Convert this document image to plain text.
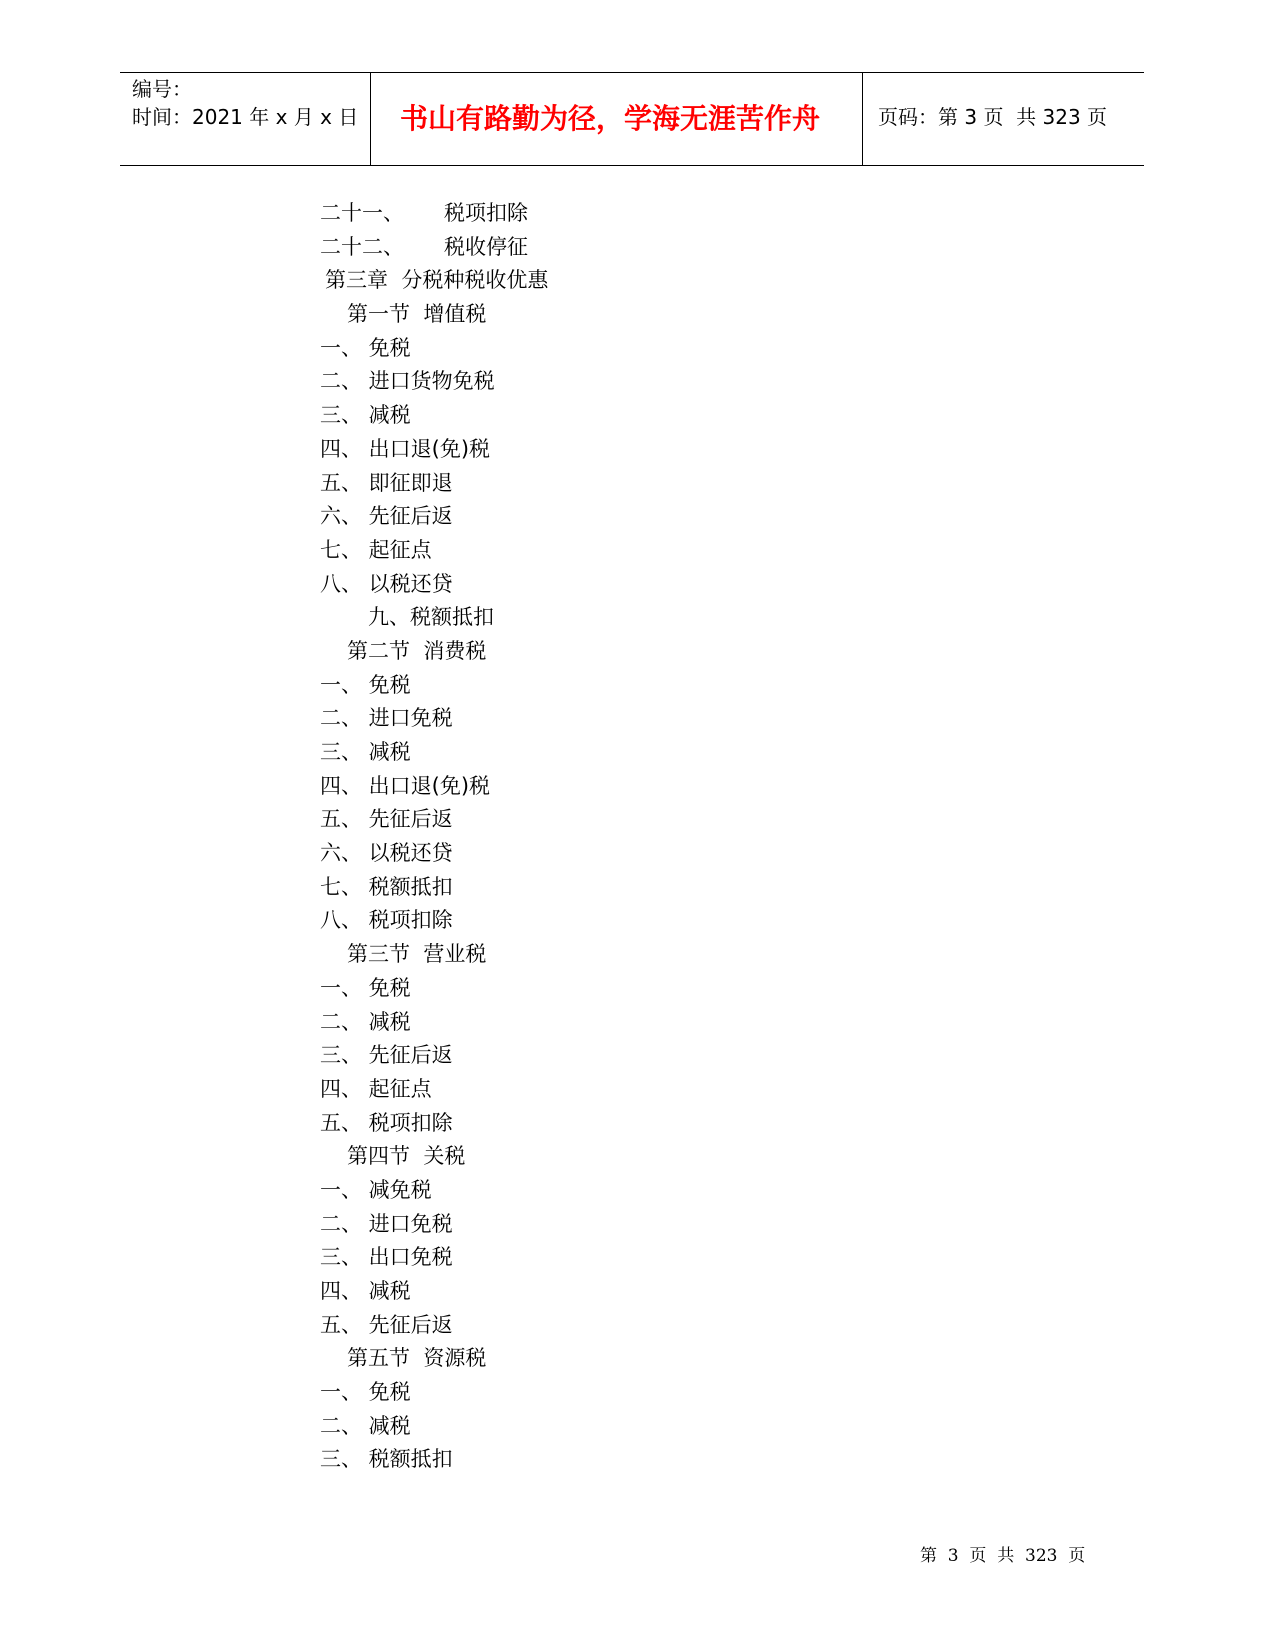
编号：
时间：2021 年 x 月 x 日	书山有路勤为径，学海无涯苦作舟	页码：第 3 页  共 323 页
二十一、      税项扣除
二十二、      税收停征
第三章  分税种税收优惠
第一节  增值税
一、 免税
二、 进口货物免税
三、 减税
四、 出口退(免)税
五、 即征即退
六、 先征后返
七、 起征点
八、 以税还贷
九、税额抵扣
第二节  消费税
一、 免税
二、 进口免税
三、 减税
四、 出口退(免)税
五、 先征后返
六、 以税还贷
七、 税额抵扣
八、 税项扣除
第三节  营业税
一、 免税
二、 减税
三、 先征后返
四、 起征点
五、 税项扣除
第四节  关税
一、 减免税
二、 进口免税
三、 出口免税
四、 减税
五、 先征后返
第五节  资源税
一、 免税
二、 减税
三、 税额抵扣
第  3  页  共  323  页
